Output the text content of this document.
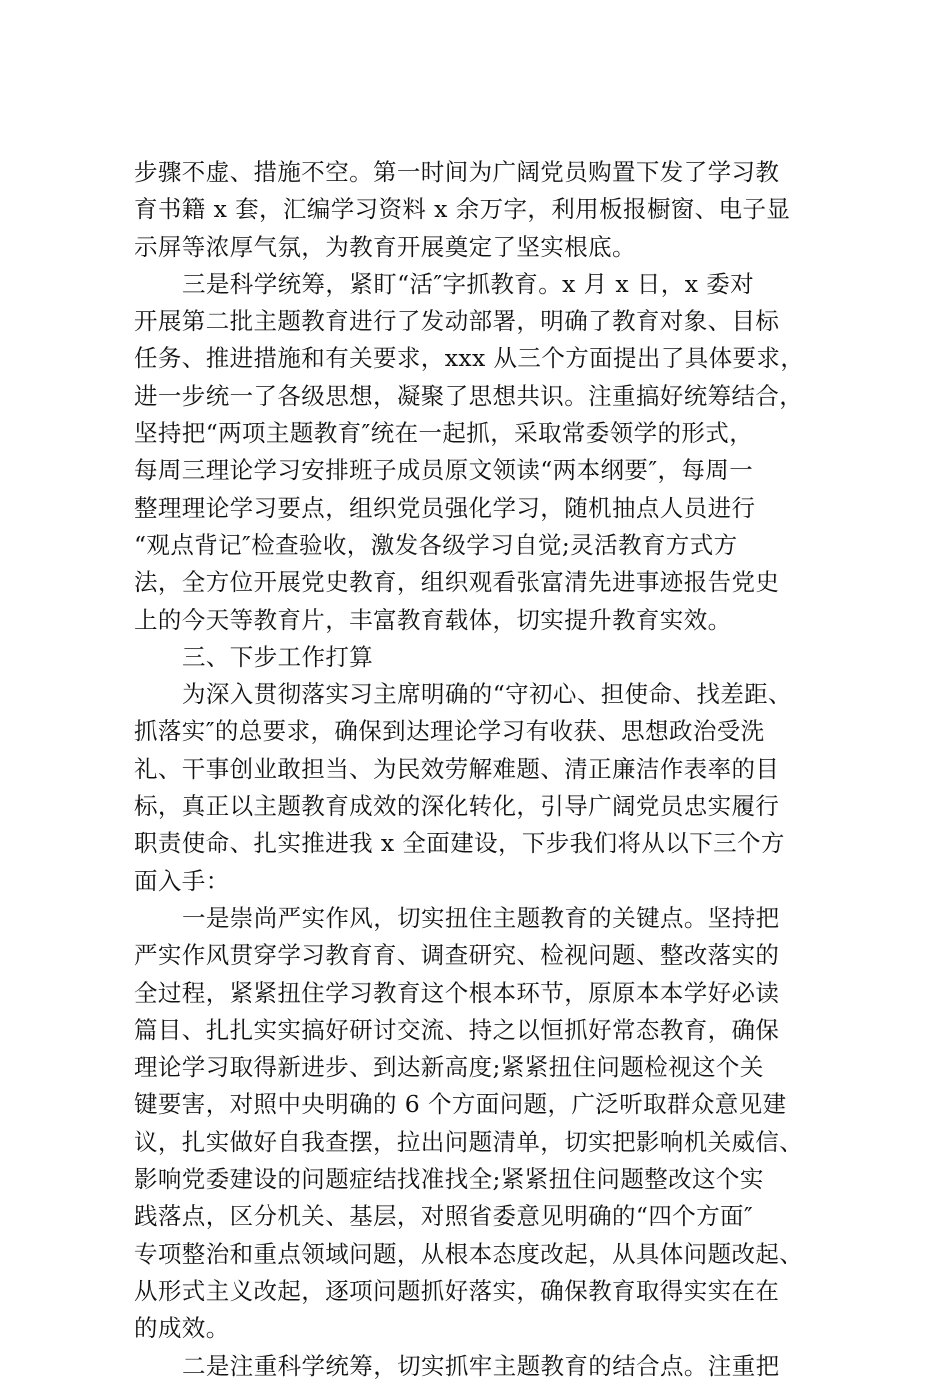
步骤不虚、措施不空。第一时间为广阔党员购置下发了学习教
育书籍 x 套，汇编学习资料 x 余万字，利用板报橱窗、电子显
示屏等浓厚气氛，为教育开展奠定了坚实根底。
三是科学统筹，紧盯“活″字抓教育。x 月 x 日，x 委对
开展第二批主题教育进行了发动部署，明确了教育对象、目标
任务、推进措施和有关要求，xxx 从三个方面提出了具体要求，
进一步统一了各级思想，凝聚了思想共识。注重搞好统筹结合，
坚持把“两项主题教育″统在一起抓，采取常委领学的形式，
每周三理论学习安排班子成员原文领读“两本纲要″，每周一
整理理论学习要点，组织党员强化学习，随机抽点人员进行
“观点背记″检查验收，激发各级学习自觉;灵活教育方式方
法，全方位开展党史教育，组织观看张富清先进事迹报告党史
上的今天等教育片，丰富教育载体，切实提升教育实效。
三、下步工作打算
为深入贯彻落实习主席明确的“守初心、担使命、找差距、
抓落实″的总要求，确保到达理论学习有收获、思想政治受洗
礼、干事创业敢担当、为民效劳解难题、清正廉洁作表率的目
标，真正以主题教育成效的深化转化，引导广阔党员忠实履行
职责使命、扎实推进我 x 全面建设，下步我们将从以下三个方
面入手：
一是崇尚严实作风，切实扭住主题教育的关键点。坚持把
严实作风贯穿学习教育育、调查研究、检视问题、整改落实的
全过程，紧紧扭住学习教育这个根本环节，原原本本学好必读
篇目、扎扎实实搞好研讨交流、持之以恒抓好常态教育，确保
理论学习取得新进步、到达新高度;紧紧扭住问题检视这个关
键要害，对照中央明确的 6 个方面问题，广泛听取群众意见建
议，扎实做好自我查摆，拉出问题清单，切实把影响机关威信、
影响党委建设的问题症结找准找全;紧紧扭住问题整改这个实
践落点，区分机关、基层，对照省委意见明确的“四个方面″
专项整治和重点领域问题，从根本态度改起，从具体问题改起、
从形式主义改起，逐项问题抓好落实，确保教育取得实实在在
的成效。
二是注重科学统筹，切实抓牢主题教育的结合点。注重把
